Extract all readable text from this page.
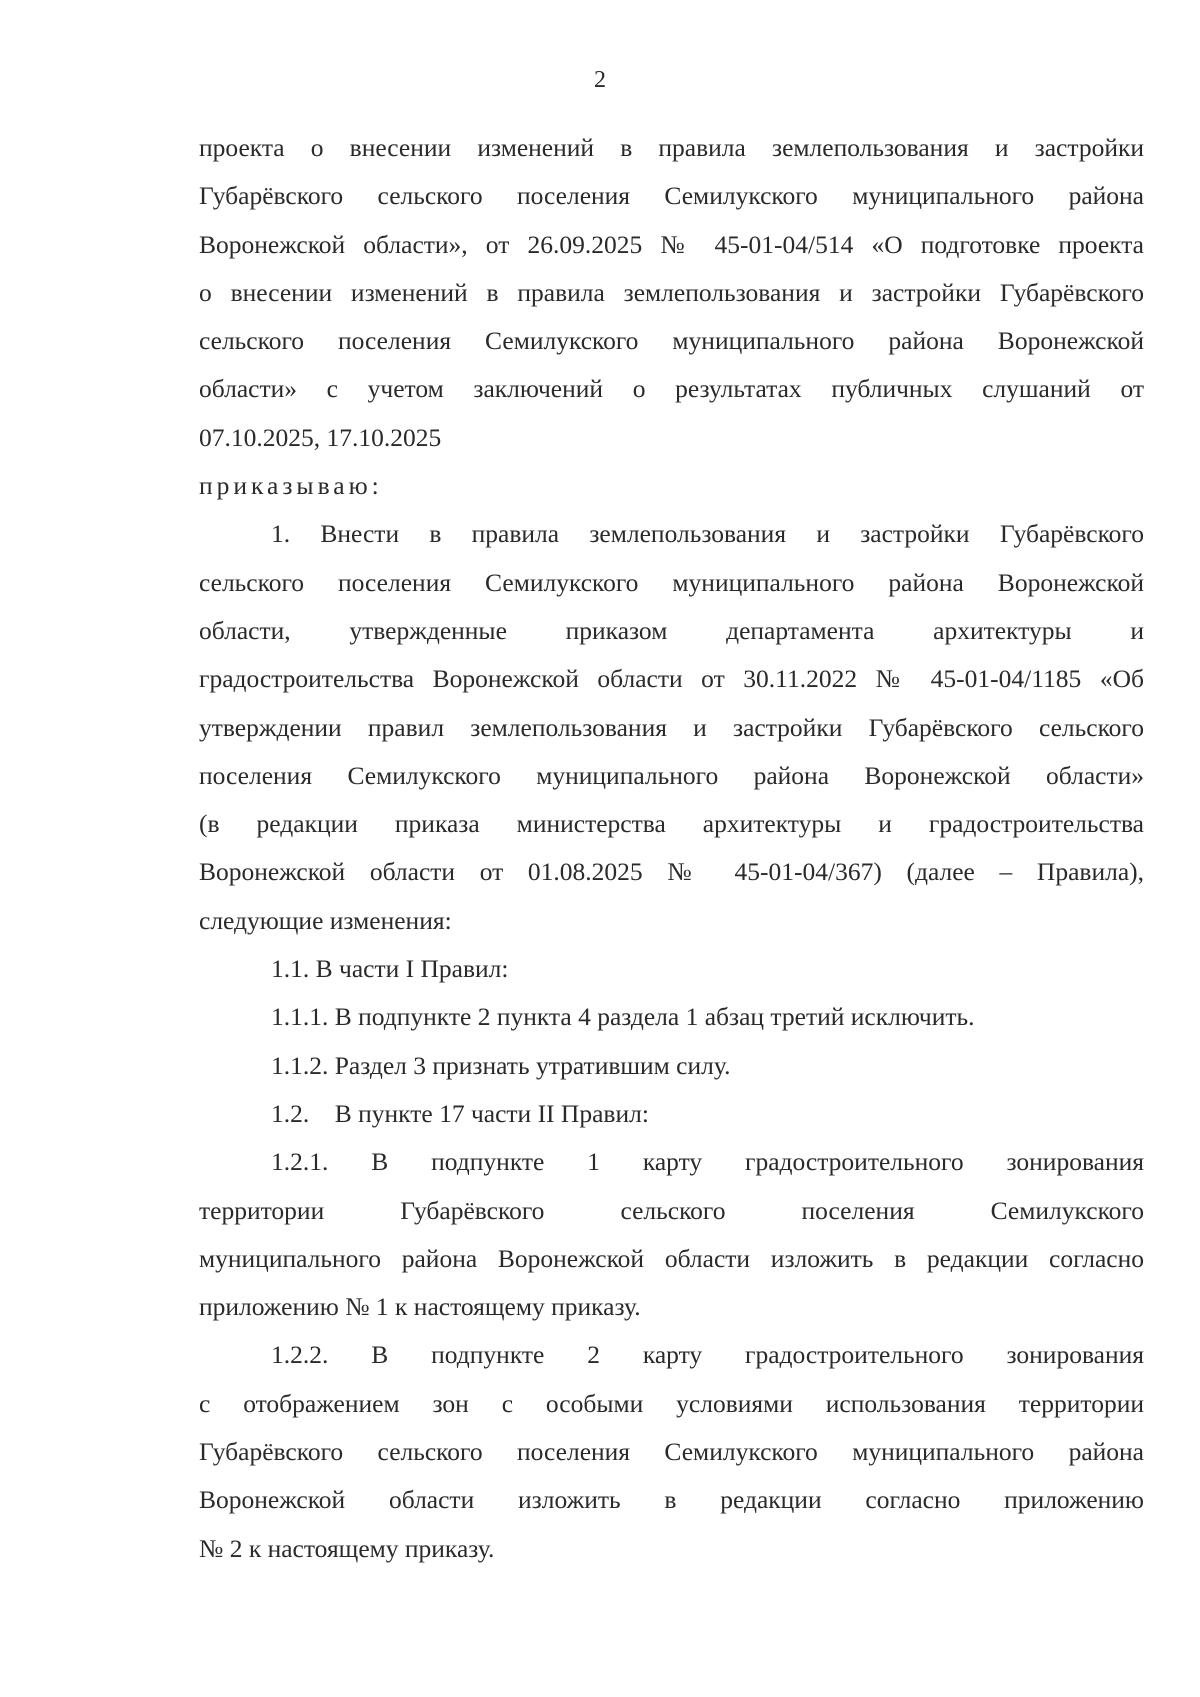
2
проекта о внесении изменений в правила землепользования и застройки
Губарёвского сельского поселения Семилукского муниципального района
Воронежской области», от 26.09.2025 № 45-01-04/514 «О подготовке проекта
о внесении изменений в правила землепользования и застройки Губарёвского
сельского поселения Семилукского муниципального района Воронежской
области» с учетом заключений о результатах публичных слушаний от
07.10.2025, 17.10.2025
приказываю:
1. Внести в правила землепользования и застройки Губарёвского
сельского поселения Семилукского муниципального района Воронежской
области, утвержденные приказом департамента архитектуры и
градостроительства Воронежской области от 30.11.2022 № 45-01-04/1185 «Об
утверждении правил землепользования и застройки Губарёвского сельского
поселения Семилукского муниципального района Воронежской области»
(в редакции приказа министерства архитектуры и градостроительства
Воронежской области от 01.08.2025 № 45-01-04/367) (далее – Правила),
следующие изменения:
1.1. В части I Правил:
1.1.1. В подпункте 2 пункта 4 раздела 1 абзац третий исключить.
1.1.2. Раздел 3 признать утратившим силу.
1.2.    В пункте 17 части II Правил:
1.2.1. В подпункте 1 карту градостроительного зонирования
территории Губарёвского сельского поселения Семилукского
муниципального района Воронежской области изложить в редакции согласно
приложению № 1 к настоящему приказу.
1.2.2. В подпункте 2 карту градостроительного зонирования
с отображением зон с особыми условиями использования территории
Губарёвского сельского поселения Семилукского муниципального района
Воронежской области изложить в редакции согласно приложению
№ 2 к настоящему приказу.
